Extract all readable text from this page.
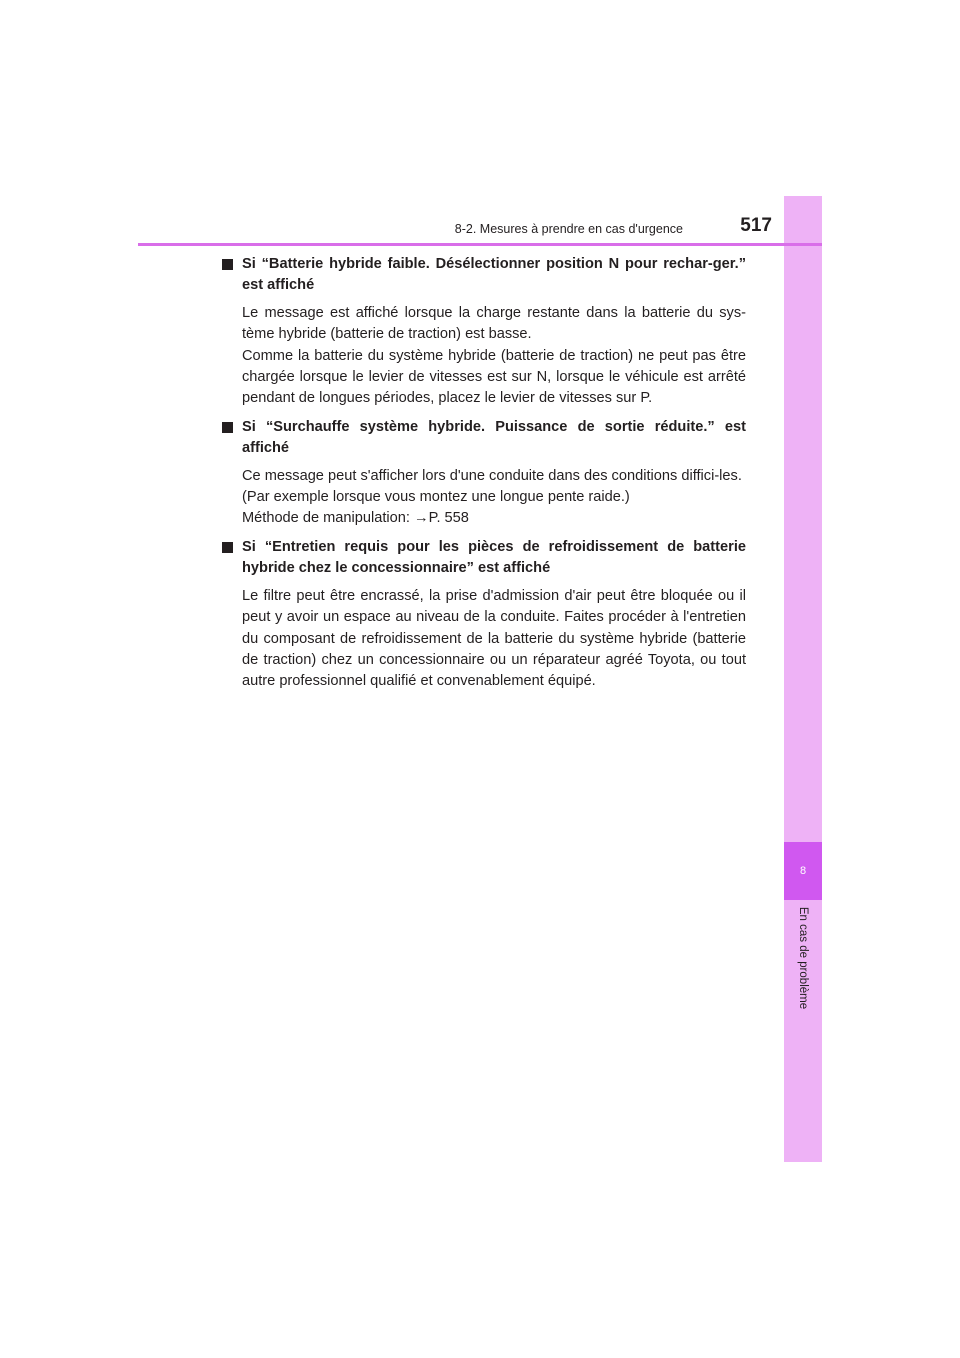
8
En cas de problème
8-2. Mesures à prendre en cas d'urgence	517
Si “Batterie hybride faible. Désélectionner position N pour rechar-ger.” est affiché

Le message est affiché lorsque la charge restante dans la batterie du sys-tème hybride (batterie de traction) est basse.
Comme la batterie du système hybride (batterie de traction) ne peut pas être chargée lorsque le levier de vitesses est sur N, lorsque le véhicule est arrêté pendant de longues périodes, placez le levier de vitesses sur P.

Si “Surchauffe système hybride. Puissance de sortie réduite.” est affiché

Ce message peut s'afficher lors d'une conduite dans des conditions diffici-les.
(Par exemple lorsque vous montez une longue pente raide.)
Méthode de manipulation: →P. 558

Si “Entretien requis pour les pièces de refroidissement de batterie hybride chez le concessionnaire” est affiché

Le filtre peut être encrassé, la prise d'admission d'air peut être bloquée ou il peut y avoir un espace au niveau de la conduite. Faites procéder à l'entretien du composant de refroidissement de la batterie du système hybride (batterie de traction) chez un concessionnaire ou un réparateur agréé Toyota, ou tout autre professionnel qualifié et convenablement équipé.
